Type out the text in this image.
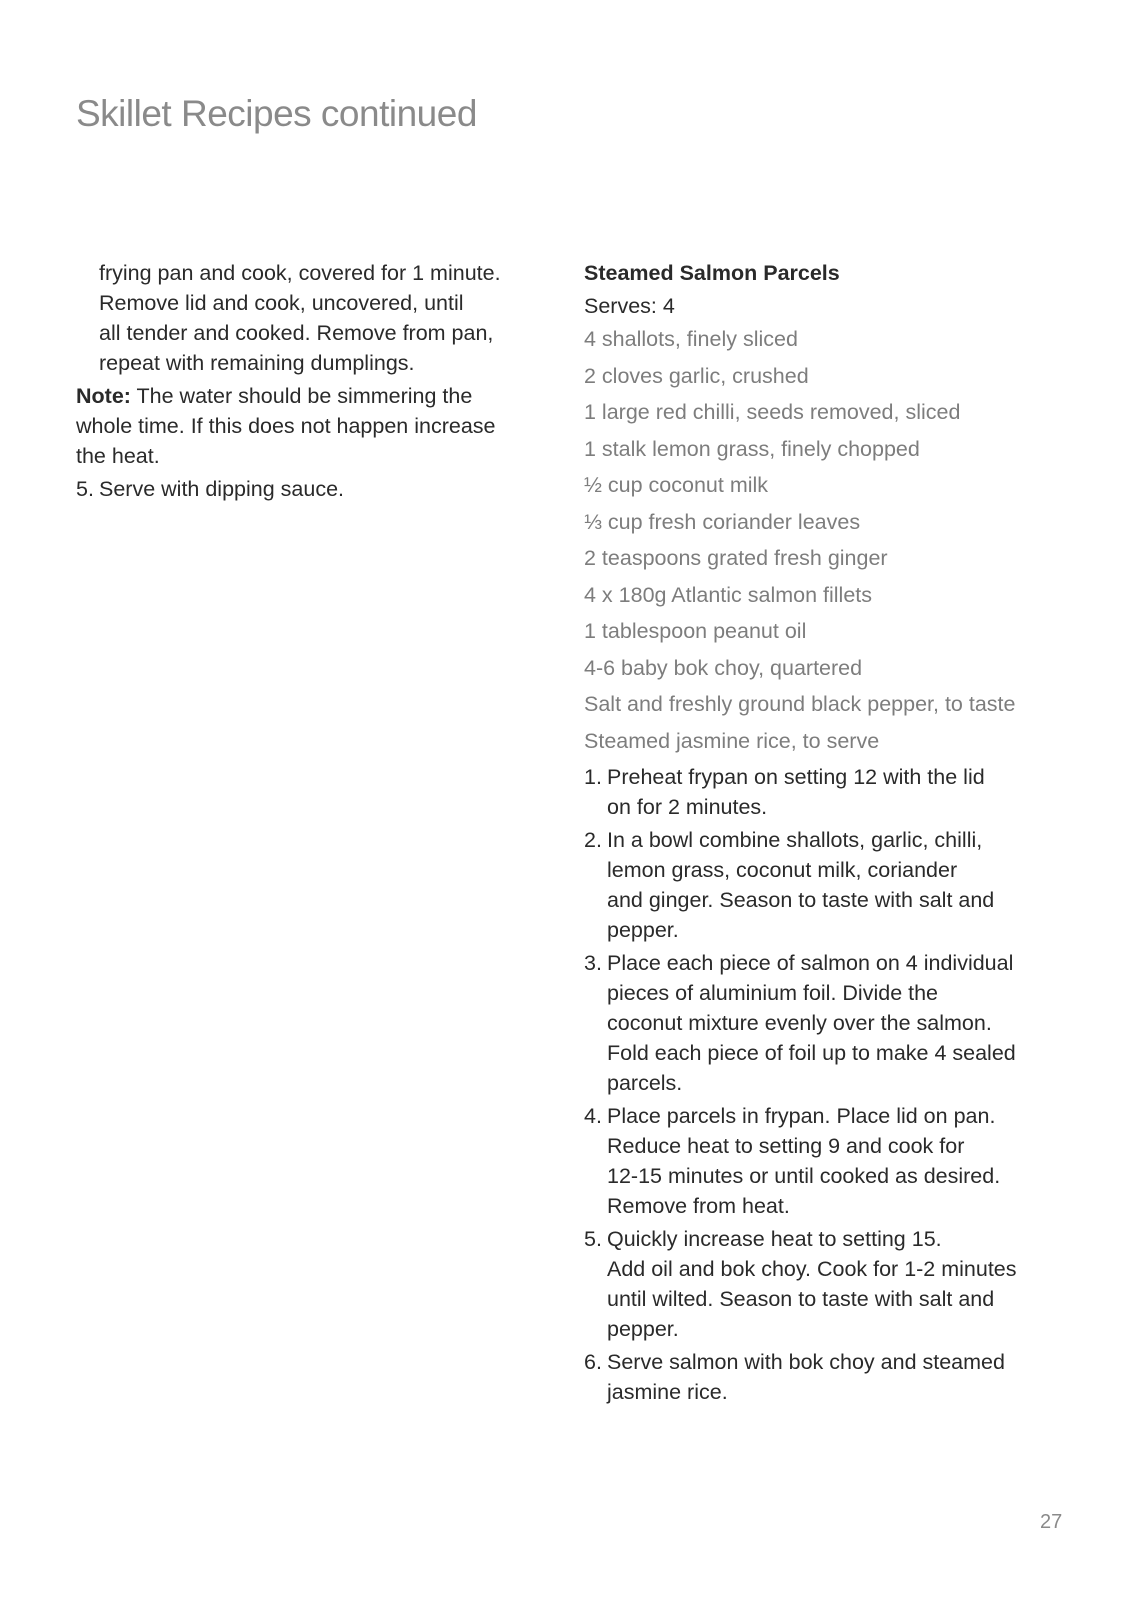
Skillet Recipes continued
frying pan and cook, covered for 1 minute.
Remove lid and cook, uncovered, until
all tender and cooked. Remove from pan,
repeat with remaining dumplings.
Note: The water should be simmering the
whole time. If this does not happen increase
the heat.
5. Serve with dipping sauce.
Steamed Salmon Parcels
Serves: 4
4 shallots, finely sliced
2 cloves garlic, crushed
1 large red chilli, seeds removed, sliced
1 stalk lemon grass, finely chopped
½ cup coconut milk
⅓ cup fresh coriander leaves
2 teaspoons grated fresh ginger
4 x 180g Atlantic salmon fillets
1 tablespoon peanut oil
4-6 baby bok choy, quartered
Salt and freshly ground black pepper, to taste
Steamed jasmine rice, to serve
1. Preheat frypan on setting 12 with the lid
on for 2 minutes.
2. In a bowl combine shallots, garlic, chilli,
lemon grass, coconut milk, coriander
and ginger. Season to taste with salt and
pepper.
3. Place each piece of salmon on 4 individual
pieces of aluminium foil. Divide the
coconut mixture evenly over the salmon.
Fold each piece of foil up to make 4 sealed
parcels.
4. Place parcels in frypan. Place lid on pan.
Reduce heat to setting 9 and cook for
12-15 minutes or until cooked as desired.
Remove from heat.
5. Quickly increase heat to setting 15.
Add oil and bok choy. Cook for 1-2 minutes
until wilted. Season to taste with salt and
pepper.
6. Serve salmon with bok choy and steamed
jasmine rice.
27
